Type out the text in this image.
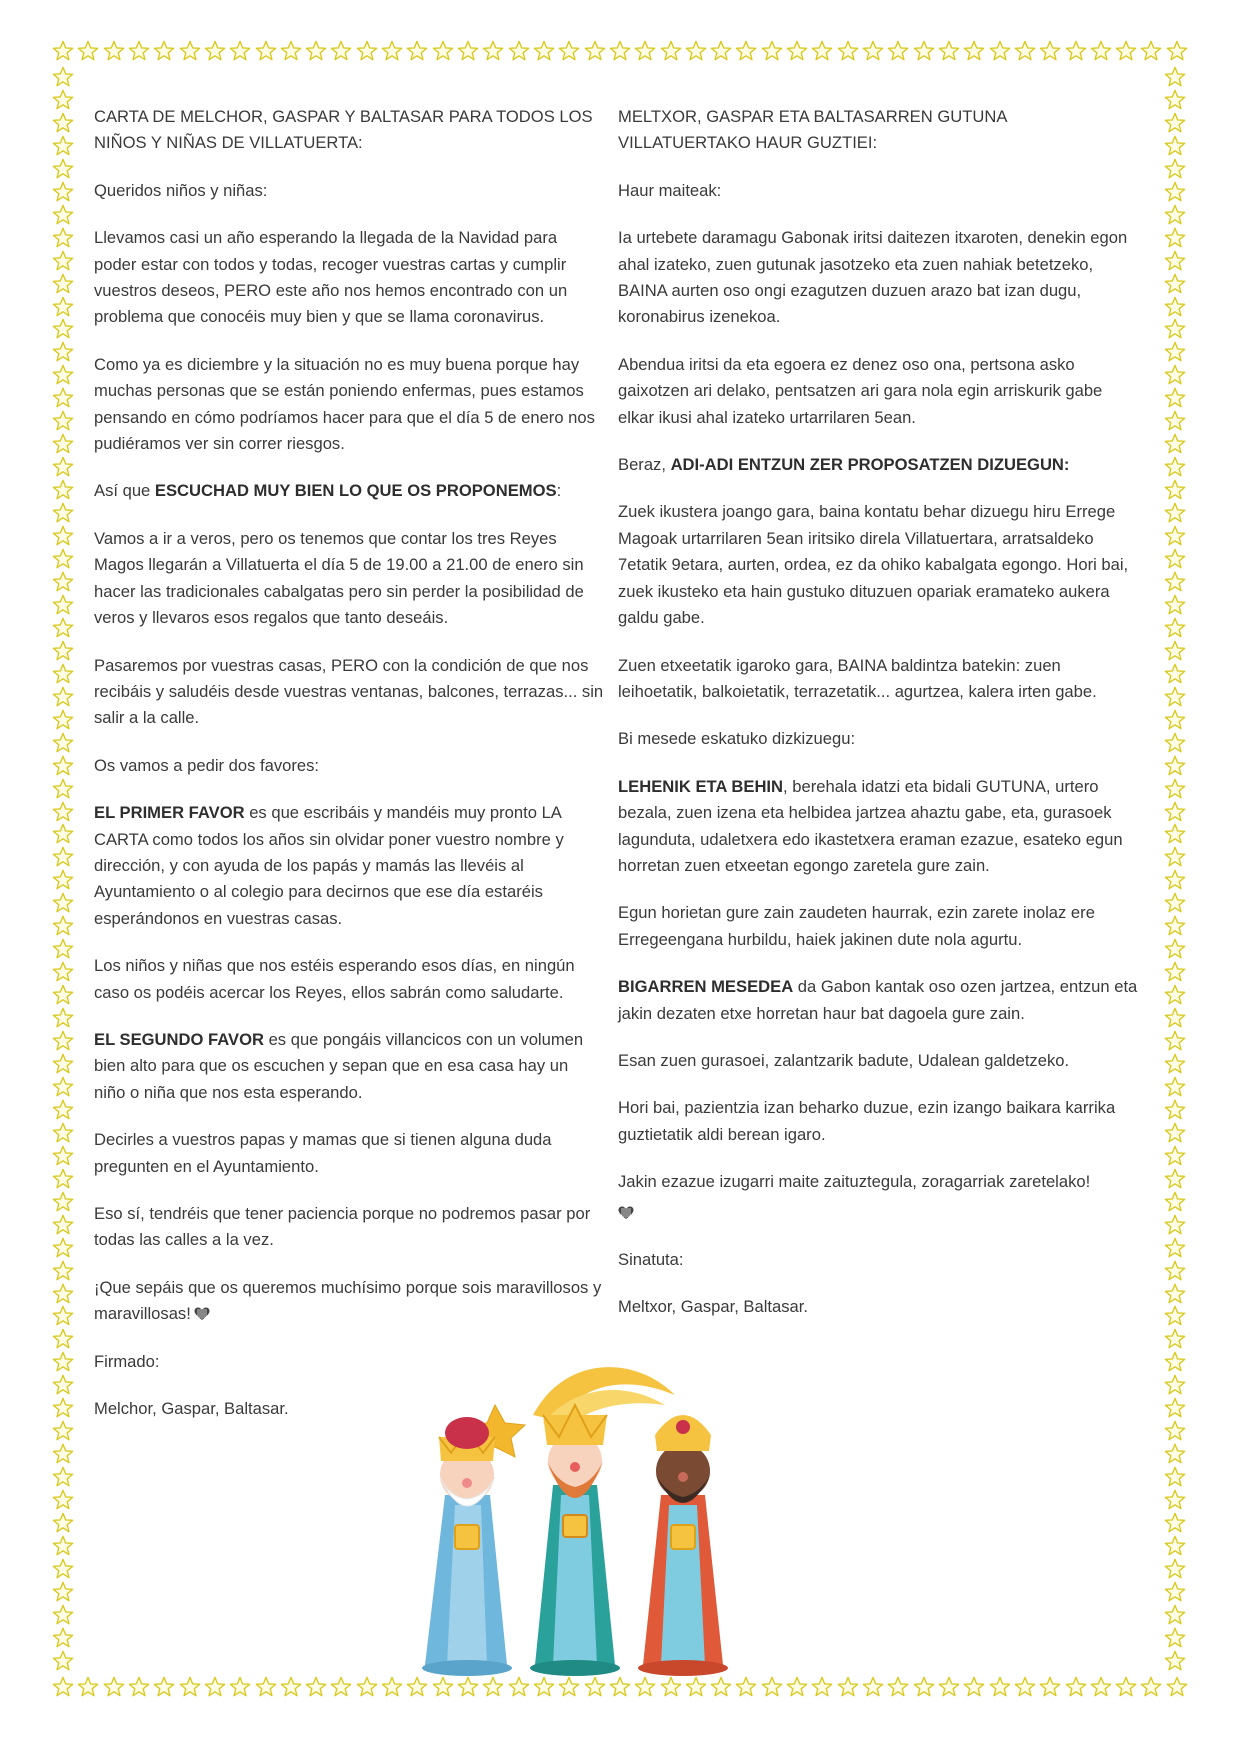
CARTA DE MELCHOR, GASPAR Y BALTASAR PARA TODOS LOS NIÑOS Y NIÑAS DE VILLATUERTA:

Queridos niños y niñas:

Llevamos casi un año esperando la llegada de la Navidad para poder estar con todos y todas, recoger vuestras cartas y cumplir vuestros deseos, PERO este año nos hemos encontrado con un problema que conocéis muy bien y que se llama coronavirus.

Como ya es diciembre y la situación no es muy buena porque hay muchas personas que se están poniendo enfermas, pues estamos pensando en cómo podríamos hacer para que el día 5 de enero nos pudiéramos ver sin correr riesgos.

Así que ESCUCHAD MUY BIEN LO QUE OS PROPONEMOS:

Vamos a ir a veros, pero os tenemos que contar los tres Reyes Magos llegarán a Villatuerta el día 5 de 19.00 a 21.00 de enero sin hacer las tradicionales cabalgatas pero sin perder la posibilidad de veros y llevaros esos regalos que tanto deseáis.

Pasaremos por vuestras casas, PERO con la condición de que nos recibáis y saludéis desde vuestras ventanas, balcones, terrazas... sin salir a la calle.

Os vamos a pedir dos favores:

EL PRIMER FAVOR es que escribáis y mandéis muy pronto LA CARTA como todos los años sin olvidar poner vuestro nombre y dirección, y con ayuda de los papás y mamás las llevéis al Ayuntamiento o al colegio para decirnos que ese día estaréis esperándonos en vuestras casas.

Los niños y niñas que nos estéis esperando esos días, en ningún caso os podéis acercar los Reyes, ellos sabrán como saludarte.

EL SEGUNDO FAVOR es que pongáis villancicos con un volumen bien alto para que os escuchen y sepan que en esa casa hay un niño o niña que nos esta esperando.

Decirles a vuestros papas y mamas que si tienen alguna duda pregunten en el Ayuntamiento.

Eso sí, tendréis que tener paciencia porque no podremos pasar por todas las calles a la vez.

¡Que sepáis que os queremos muchísimo porque sois maravillosos y maravillosas!

Firmado:

Melchor, Gaspar, Baltasar.

MELTXOR, GASPAR ETA BALTASARREN GUTUNA VILLATUERTAKO HAUR GUZTIEI:

Haur maiteak:

Ia urtebete daramagu Gabonak iritsi daitezen itxaroten, denekin egon ahal izateko, zuen gutunak jasotzeko eta zuen nahiak betetzeko, BAINA aurten oso ongi ezagutzen duzuen arazo bat izan dugu, koronabirus izenekoa.

Abendua iritsi da eta egoera ez denez oso ona, pertsona asko gaixotzen ari delako, pentsatzen ari gara nola egin arriskurik gabe elkar ikusi ahal izateko urtarrilaren 5ean.

Beraz, ADI-ADI ENTZUN ZER PROPOSATZEN DIZUEGUN:

Zuek ikustera joango gara, baina kontatu behar dizuegu hiru Errege Magoak urtarrilaren 5ean iritsiko direla Villatuertara, arratsaldeko 7etatik 9etara, aurten, ordea, ez da ohiko kabalgata egongo. Hori bai, zuek ikusteko eta hain gustuko dituzuen opariak eramateko aukera galdu gabe.

Zuen etxeetatik igaroko gara, BAINA baldintza batekin: zuen leihoetatik, balkoietatik, terrazetatik... agurtzea, kalera irten gabe.

Bi mesede eskatuko dizkizuegu:

LEHENIK ETA BEHIN, berehala idatzi eta bidali GUTUNA, urtero bezala, zuen izena eta helbidea jartzea ahaztu gabe, eta, gurasoek lagunduta, udaletxera edo ikastetxera eraman ezazue, esateko egun horretan zuen etxeetan egongo zaretela gure zain.

Egun horietan gure zain zaudeten haurrak, ezin zarete inolaz ere Erregeengana hurbildu, haiek jakinen dute nola agurtu.

BIGARREN MESEDEA da Gabon kantak oso ozen jartzea, entzun eta jakin dezaten etxe horretan haur bat dagoela gure zain.

Esan zuen gurasoei, zalantzarik badute, Udalean galdetzeko.

Hori bai, pazientzia izan beharko duzue, ezin izango baikara karrika guztietatik aldi berean igaro.

Jakin ezazue izugarri maite zaituztegula, zoragarriak zaretelako!

Sinatuta:

Meltxor, Gaspar, Baltasar.
